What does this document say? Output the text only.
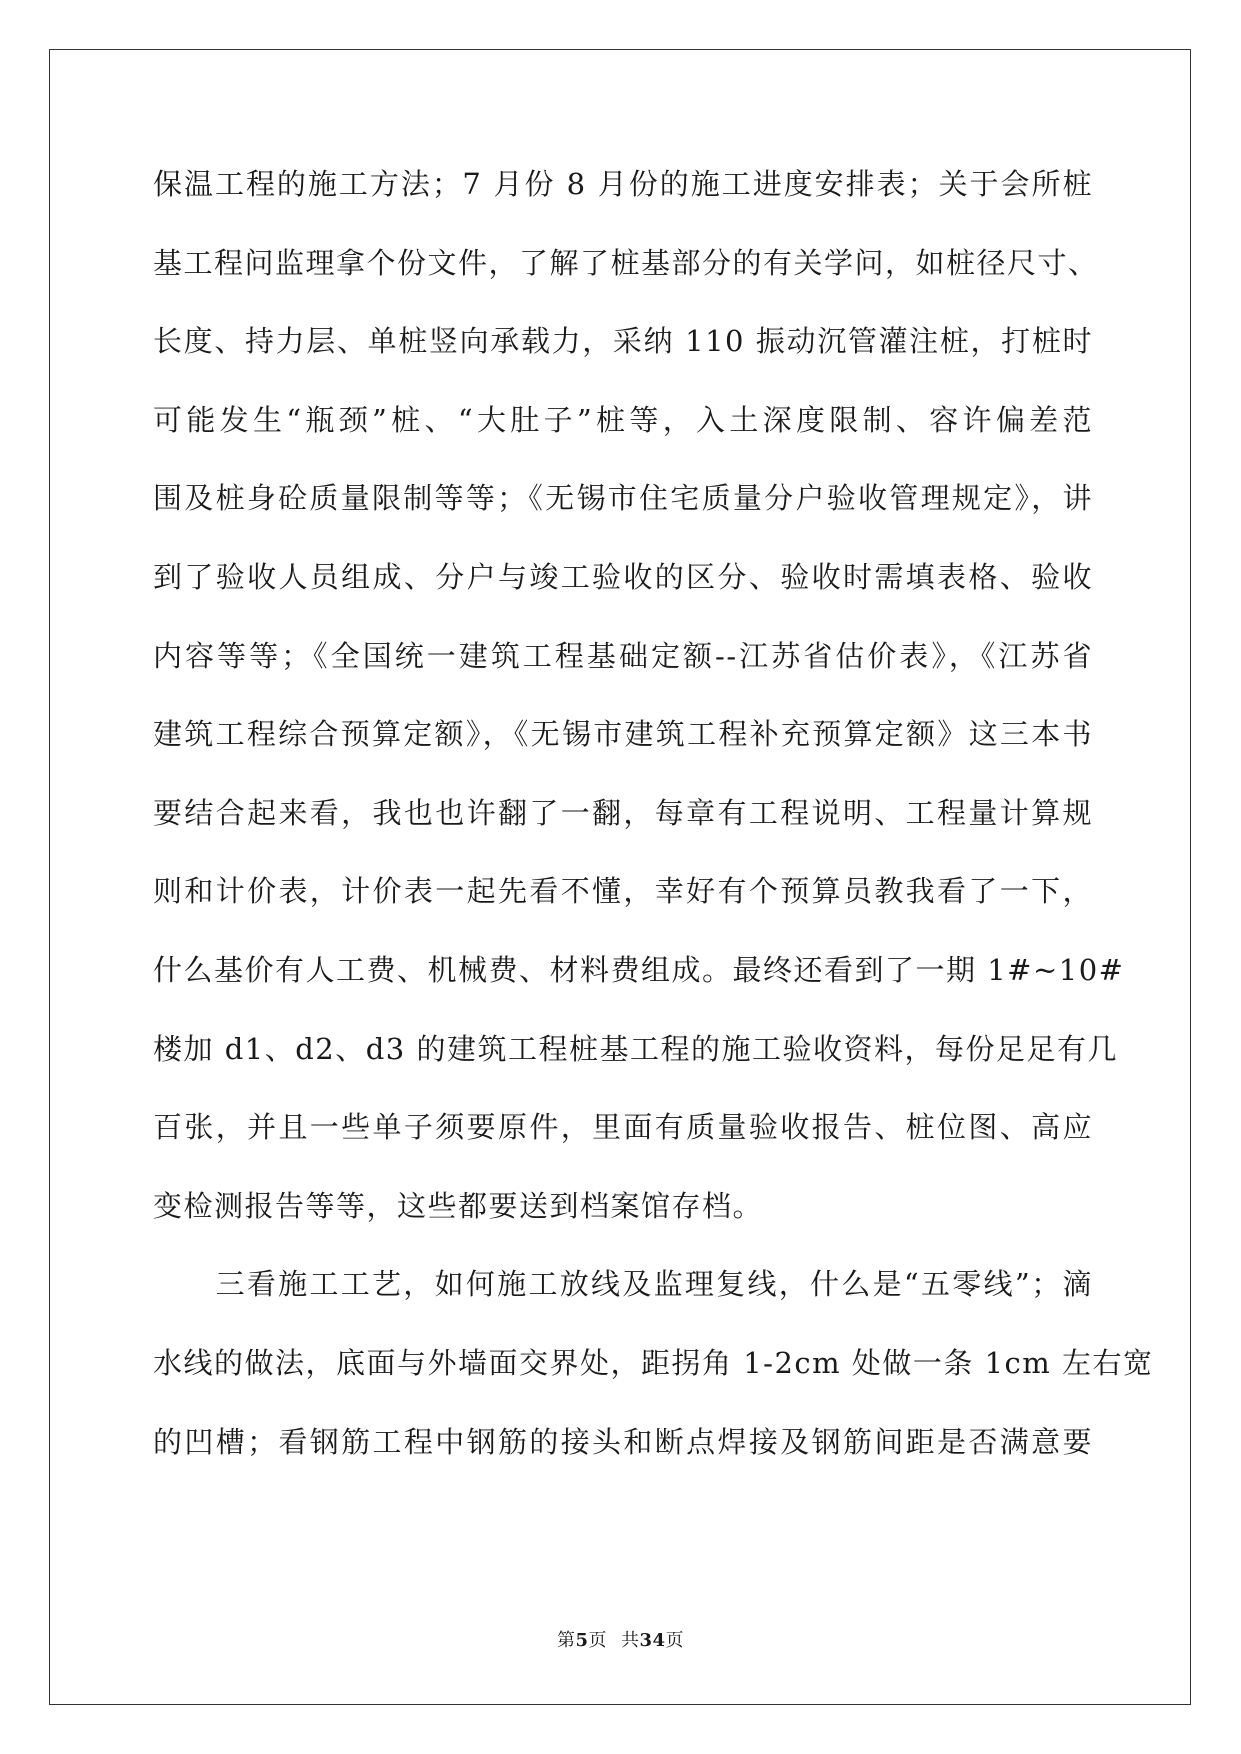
保温工程的施工方法；7 月份 8 月份的施工进度安排表；关于会所桩
基工程问监理拿个份文件，了解了桩基部分的有关学问，如桩径尺寸、
长度、持力层、单桩竖向承载力，采纳 110 振动沉管灌注桩，打桩时
可能发生“瓶颈”桩、“大肚子”桩等，入土深度限制、容许偏差范
围及桩身砼质量限制等等；《无锡市住宅质量分户验收管理规定》，讲
到了验收人员组成、分户与竣工验收的区分、验收时需填表格、验收
内容等等；《全国统一建筑工程基础定额--江苏省估价表》，《江苏省
建筑工程综合预算定额》，《无锡市建筑工程补充预算定额》这三本书
要结合起来看，我也也许翻了一翻，每章有工程说明、工程量计算规
则和计价表，计价表一起先看不懂，幸好有个预算员教我看了一下，
什么基价有人工费、机械费、材料费组成。最终还看到了一期 1#~10#
楼加 d1、d2、d3 的建筑工程桩基工程的施工验收资料，每份足足有几
百张，并且一些单子须要原件，里面有质量验收报告、桩位图、高应
变检测报告等等，这些都要送到档案馆存档。
　　三看施工工艺，如何施工放线及监理复线，什么是“五零线”；滴
水线的做法，底面与外墙面交界处，距拐角 1-2cm 处做一条 1cm 左右宽
的凹槽；看钢筋工程中钢筋的接头和断点焊接及钢筋间距是否满意要
第5页 共34页
